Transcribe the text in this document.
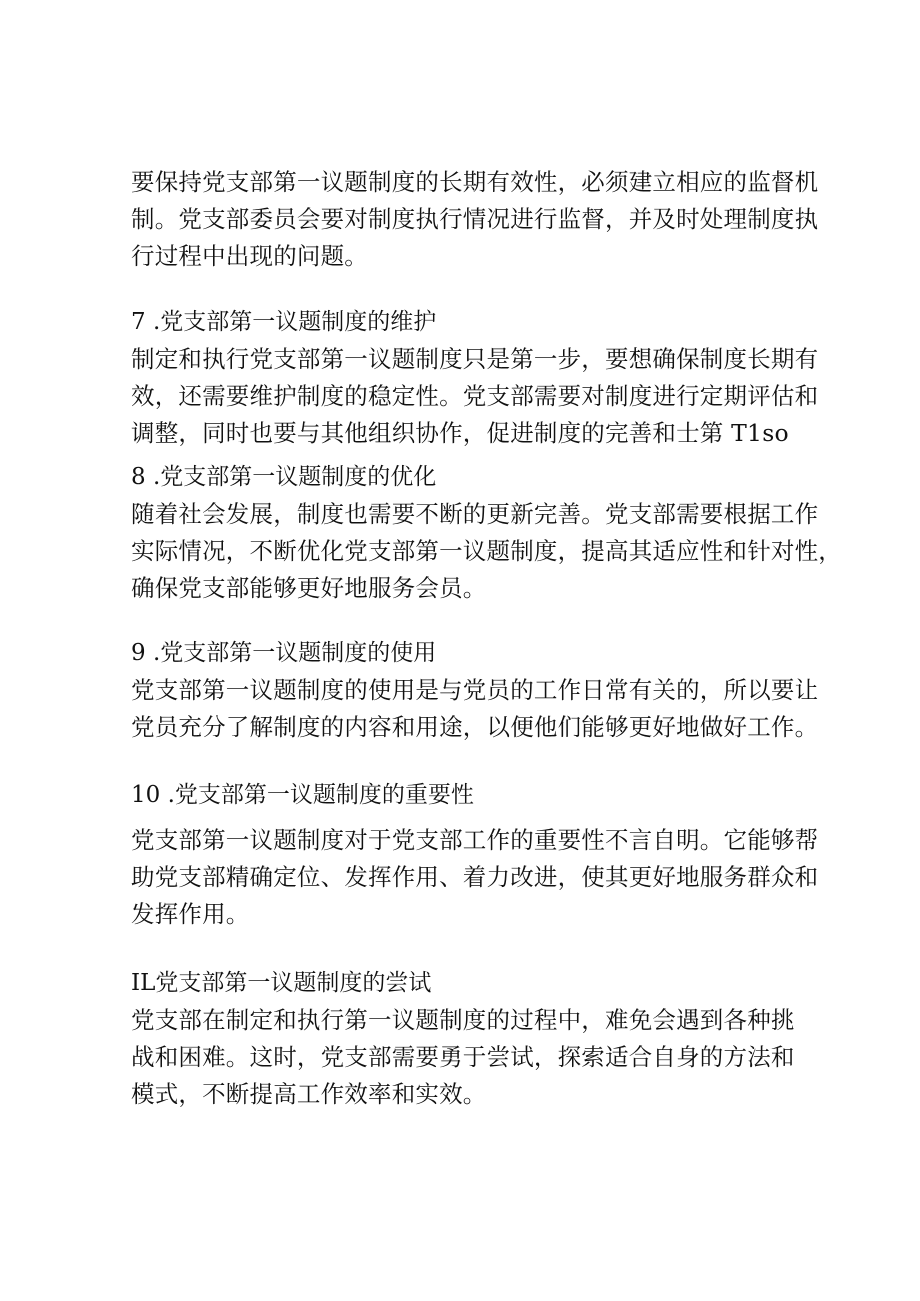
要保持党支部第一议题制度的长期有效性，必须建立相应的监督机
制。党支部委员会要对制度执行情况进行监督，并及时处理制度执
行过程中出现的问题。
7 .党支部第一议题制度的维护
制定和执行党支部第一议题制度只是第一步，要想确保制度长期有
效，还需要维护制度的稳定性。党支部需要对制度进行定期评估和
调整，同时也要与其他组织协作，促进制度的完善和士第 T1so
8 .党支部第一议题制度的优化
随着社会发展，制度也需要不断的更新完善。党支部需要根据工作
实际情况，不断优化党支部第一议题制度，提高其适应性和针对性，
确保党支部能够更好地服务会员。
9 .党支部第一议题制度的使用
党支部第一议题制度的使用是与党员的工作日常有关的，所以要让
党员充分了解制度的内容和用途，以便他们能够更好地做好工作。
10 .党支部第一议题制度的重要性
党支部第一议题制度对于党支部工作的重要性不言自明。它能够帮
助党支部精确定位、发挥作用、着力改进，使其更好地服务群众和
发挥作用。
IL党支部第一议题制度的尝试
党支部在制定和执行第一议题制度的过程中，难免会遇到各种挑
战和困难。这时，党支部需要勇于尝试，探索适合自身的方法和
模式，不断提高工作效率和实效。
